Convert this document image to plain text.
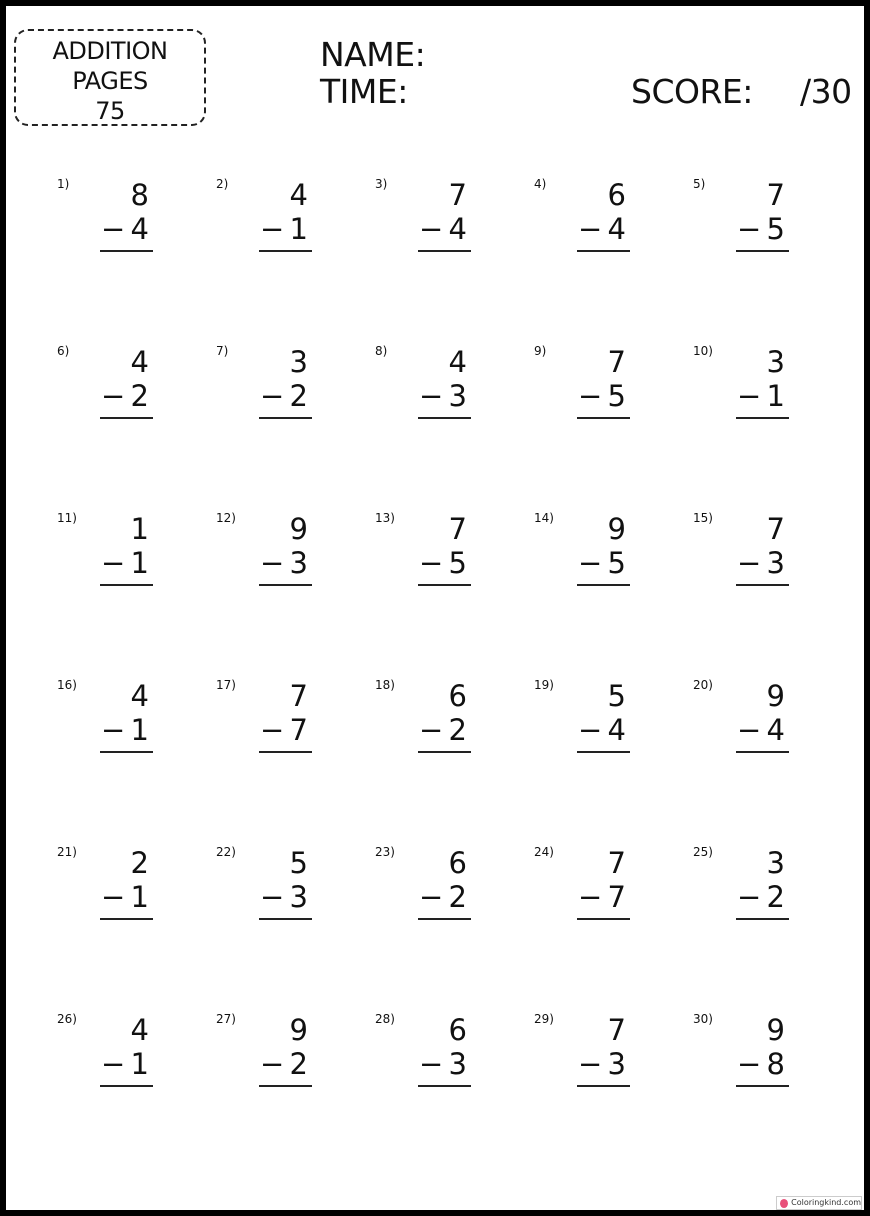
ADDITION
PAGES
75
NAME:
TIME:	SCORE: /30
1) 8
− 4
2) 4
− 1
3) 7
− 4
4) 6
− 4
5) 7
− 5
6) 4
− 2
7) 3
− 2
8) 4
− 3
9) 7
− 5
10) 3
− 1
11) 1
− 1
12) 9
− 3
13) 7
− 5
14) 9
− 5
15) 7
− 3
16) 4
− 1
17) 7
− 7
18) 6
− 2
19) 5
− 4
20) 9
− 4
21) 2
− 1
22) 5
− 3
23) 6
− 2
24) 7
− 7
25) 3
− 2
26) 4
− 1
27) 9
− 2
28) 6
− 3
29) 7
− 3
30) 9
− 8
Coloringkind.com
